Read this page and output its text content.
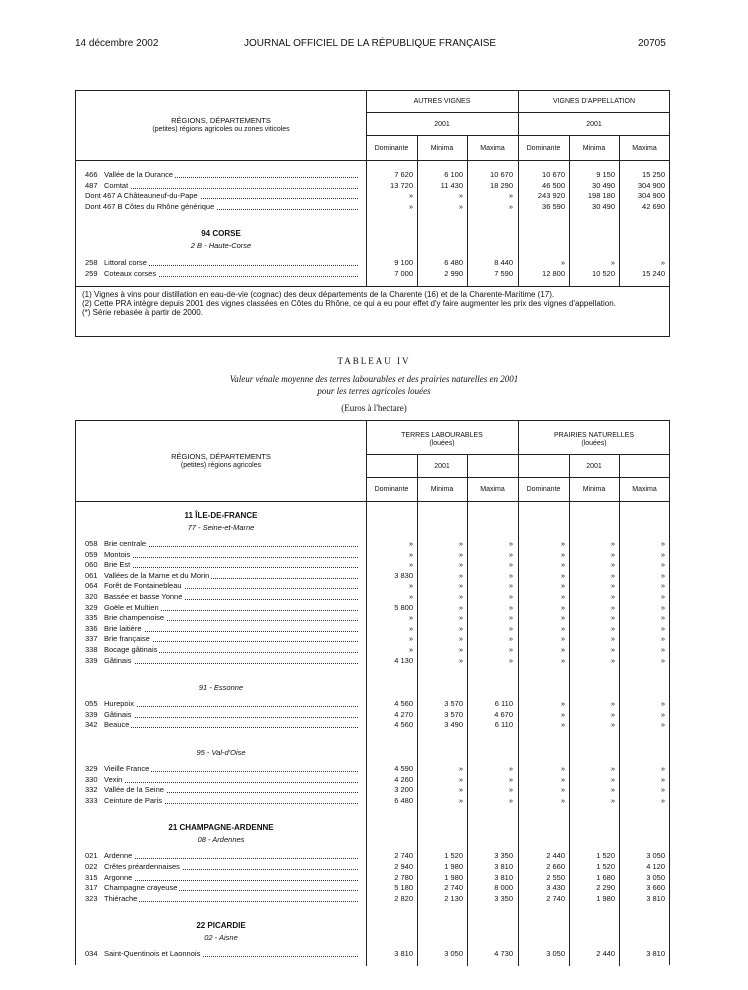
14 décembre 2002	JOURNAL OFFICIEL DE LA RÉPUBLIQUE FRANÇAISE	20705
RÉGIONS, DÉPARTEMENTS
(petites) régions agricoles ou zones viticoles
AUTRES VIGNES	VIGNES D'APPELLATION
2001	2001
Dominante	Minima	Maxima	Dominante	Minima	Maxima
466 Vallée de la Durance	7 620	6 100	10 670	10 670	9 150	15 250
487 Comtat	13 720	11 430	18 290	46 500	30 490	304 900
Dont 467 A Châteauneuf-du-Pape	»	»	»	243 920	198 180	304 900
Dont 467 B Côtes du Rhône générique	»	»	»	36 590	30 490	42 690
258 Littoral corse	9 100	6 480	8 440	»	»	»
259 Coteaux corses	7 000	2 990	7 590	12 800	10 520	15 240
94 CORSE
2 B - Haute-Corse
(1) Vignes à vins pour distillation en eau-de-vie (cognac) des deux départements de la Charente (16) et de la Charente-Maritime (17).
(2) Cette PRA intègre depuis 2001 des vignes classées en Côtes du Rhône, ce qui a eu pour effet d'y faire augmenter les prix des vignes d'appellation.
(*) Série rebasée à partir de 2000.
TABLEAU IV
Valeur vénale moyenne des terres labourables et des prairies naturelles en 2001
pour les terres agricoles louées
(Euros à l'hectare)
RÉGIONS, DÉPARTEMENTS
(petites) régions agricoles
TERRES LABOURABLES
(louées)
PRAIRIES NATURELLES
(louées)
2001	2001
Dominante	Minima	Maxima	Dominante	Minima	Maxima
11 ÎLE-DE-FRANCE
77 - Seine-et-Marne
058 Brie centrale	»	»	»	»	»	»
059 Montois	»	»	»	»	»	»
060 Brie Est	»	»	»	»	»	»
061 Vallées de la Marne et du Morin	3 830	»	»	»	»	»
064 Forêt de Fontainebleau	»	»	»	»	»	»
320 Bassée et basse Yonne	»	»	»	»	»	»
329 Goële et Multien	5 800	»	»	»	»	»
335 Brie champenoise	»	»	»	»	»	»
336 Brie laitière	»	»	»	»	»	»
337 Brie française	»	»	»	»	»	»
338 Bocage gâtinais	»	»	»	»	»	»
339 Gâtinais	4 130	»	»	»	»	»
91 - Essonne
055 Hurepoix	4 560	3 570	6 110	»	»	»
339 Gâtinais	4 270	3 570	4 670	»	»	»
342 Beauce	4 560	3 490	6 110	»	»	»
95 - Val-d'Oise
329 Vieille France	4 590	»	»	»	»	»
330 Vexin	4 260	»	»	»	»	»
332 Vallée de la Seine	3 200	»	»	»	»	»
333 Ceinture de Paris	6 480	»	»	»	»	»
21 CHAMPAGNE-ARDENNE
08 - Ardennes
021 Ardenne	2 740	1 520	3 350	2 440	1 520	3 050
022 Crêtes préardennaises	2 940	1 980	3 810	2 660	1 520	4 120
315 Argonne	2 780	1 980	3 810	2 550	1 680	3 050
317 Champagne crayeuse	5 180	2 740	8 000	3 430	2 290	3 660
323 Thiérache	2 820	2 130	3 350	2 740	1 980	3 810
22 PICARDIE
02 - Aisne
034 Saint-Quentinois et Laonnois	3 810	3 050	4 730	3 050	2 440	3 810
